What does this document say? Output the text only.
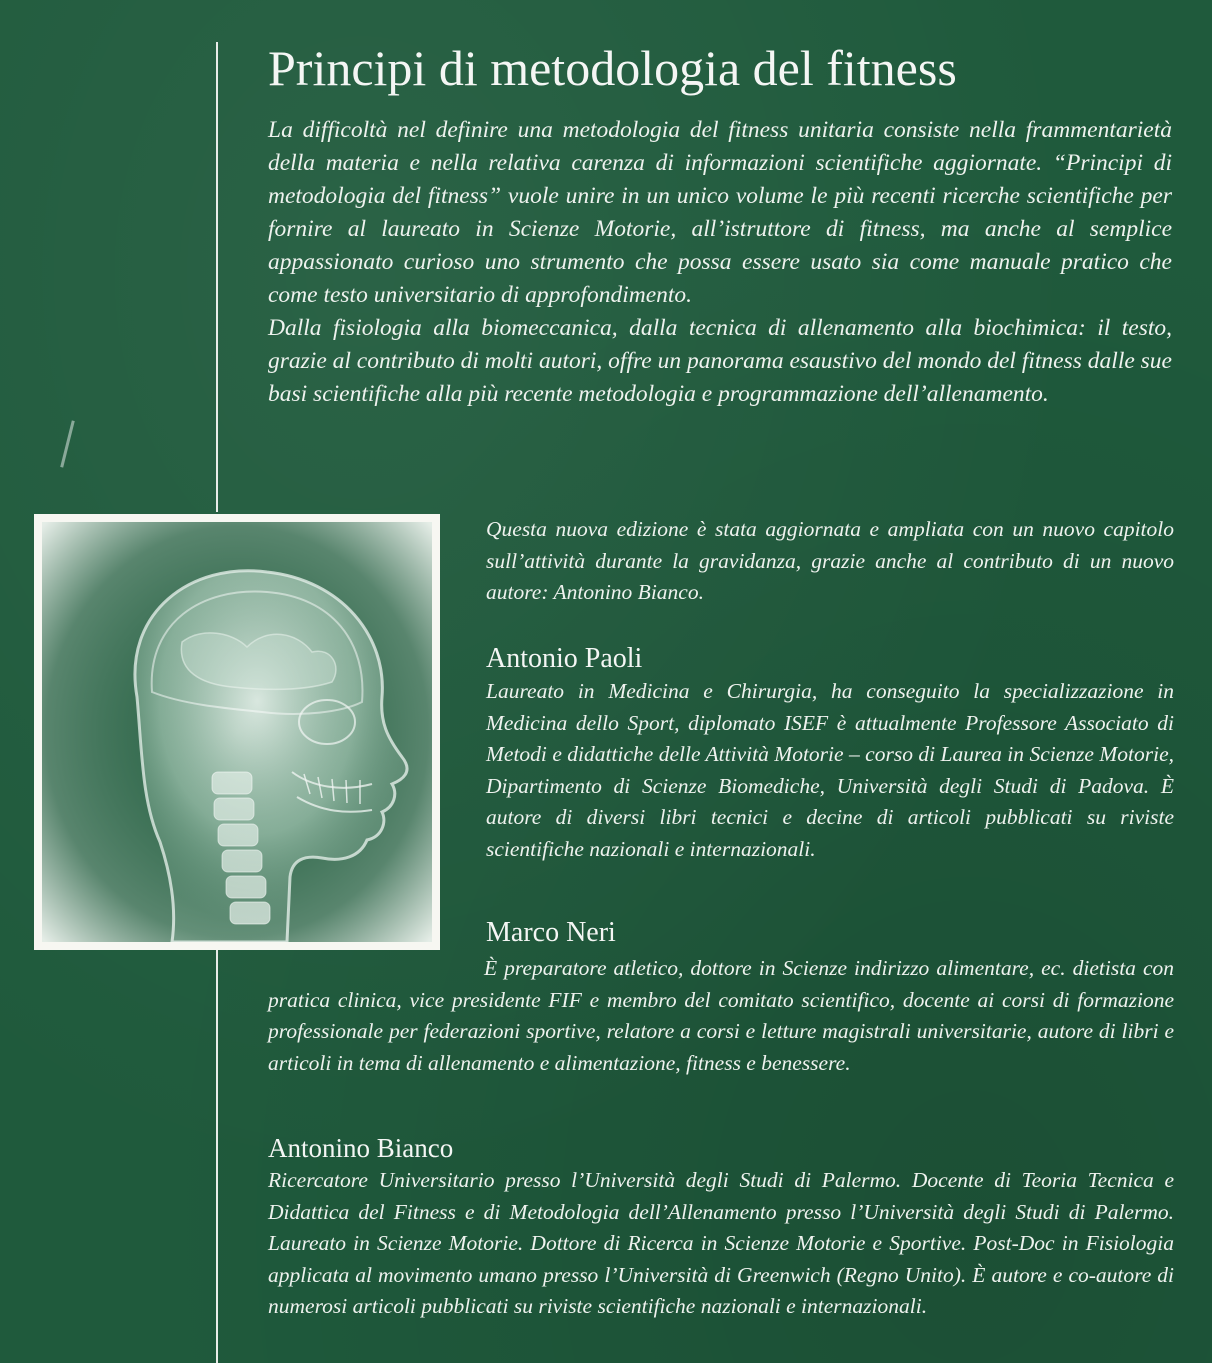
Principi di metodologia del fitness

La difficoltà nel definire una metodologia del fitness unitaria consiste nella frammentarietà della materia e nella relativa carenza di informazioni scientifiche aggiornate. “Principi di metodologia del fitness” vuole unire in un unico volume le più recenti ricerche scientifiche per fornire al laureato in Scienze Motorie, all’istruttore di fitness, ma anche al semplice appassionato curioso uno strumento che possa essere usato sia come manuale pratico che come testo universitario di approfondimento.

Dalla fisiologia alla biomeccanica, dalla tecnica di allenamento alla biochimica: il testo, grazie al contributo di molti autori, offre un panorama esaustivo del mondo del fitness dalle sue basi scientifiche alla più recente metodologia e programmazione dell’allenamento.

Questa nuova edizione è stata aggiornata e ampliata con un nuovo capitolo sull’attività durante la gravidanza, grazie anche al contributo di un nuovo autore: Antonino Bianco.

Antonio Paoli

Laureato in Medicina e Chirurgia, ha conseguito la specializzazione in Medicina dello Sport, diplomato ISEF è attualmente Professore Associato di Metodi e didattiche delle Attività Motorie – corso di Laurea in Scienze Motorie, Dipartimento di Scienze Biomediche, Università degli Studi di Padova. È autore di diversi libri tecnici e decine di articoli pubblicati su riviste scientifiche nazionali e internazionali.

Marco Neri

È preparatore atletico, dottore in Scienze indirizzo alimentare, ec. dietista con pratica clinica, vice presidente FIF e membro del comitato scientifico, docente ai corsi di formazione professionale per federazioni sportive, relatore a corsi e letture magistrali universitarie, autore di libri e articoli in tema di allenamento e alimentazione, fitness e benessere.

Antonino Bianco

Ricercatore Universitario presso l’Università degli Studi di Palermo. Docente di Teoria Tecnica e Didattica del Fitness e di Metodologia dell’Allenamento presso l’Università degli Studi di Palermo. Laureato in Scienze Motorie. Dottore di Ricerca in Scienze Motorie e Sportive. Post-Doc in Fisiologia applicata al movimento umano presso l’Università di Greenwich (Regno Unito). È autore e co-autore di numerosi articoli pubblicati su riviste scientifiche nazionali e internazionali.
